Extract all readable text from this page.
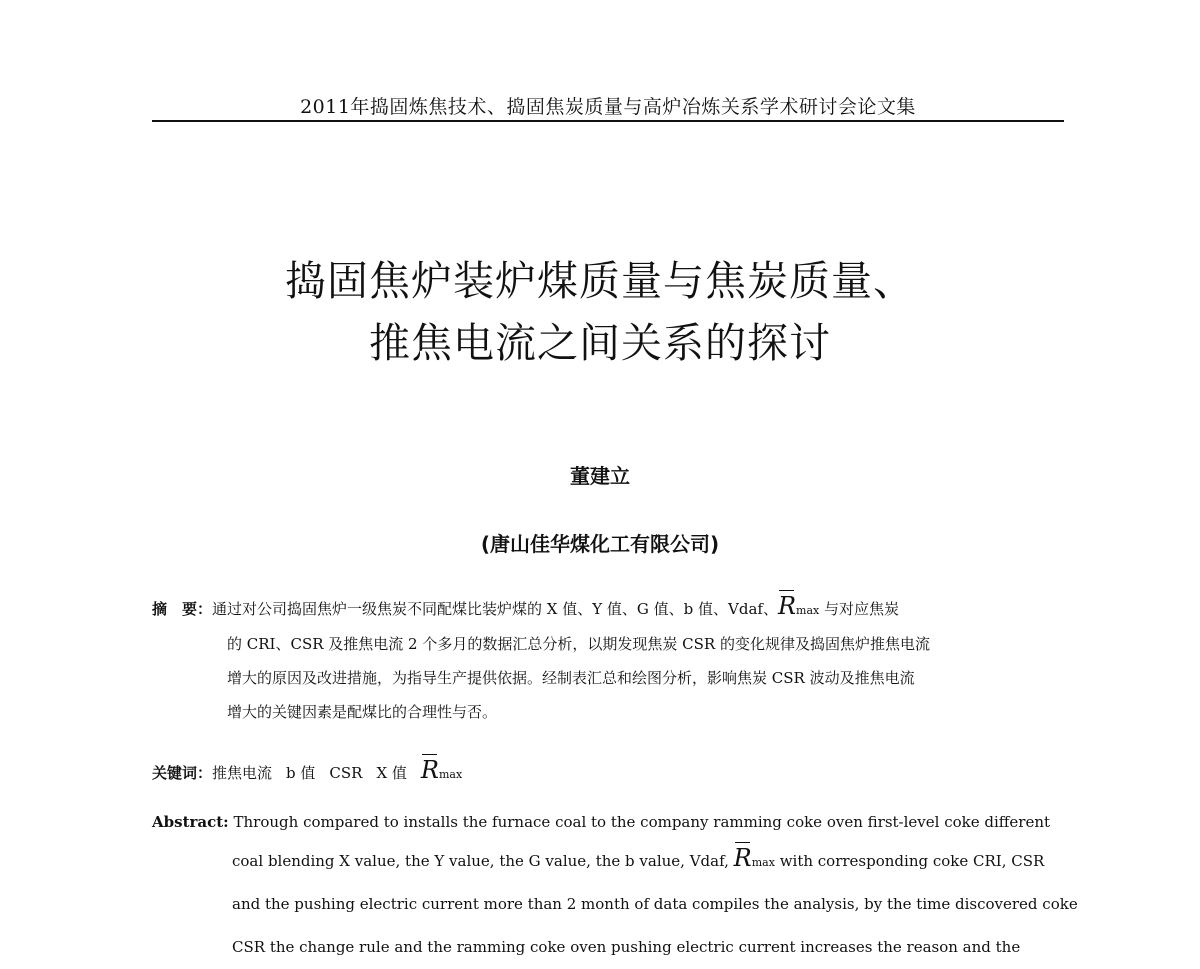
2011年捣固炼焦技术、捣固焦炭质量与高炉冶炼关系学术研讨会论文集
捣固焦炉装炉煤质量与焦炭质量、
推焦电流之间关系的探讨
董建立
(唐山佳华煤化工有限公司)
摘　要：通过对公司捣固焦炉一级焦炭不同配煤比装炉煤的 X 值、Y 值、G 值、b 值、Vdaf、Rmax 与对应焦炭
的 CRI、CSR 及推焦电流 2 个多月的数据汇总分析，以期发现焦炭 CSR 的变化规律及捣固焦炉推焦电流
增大的原因及改进措施，为指导生产提供依据。经制表汇总和绘图分析，影响焦炭 CSR 波动及推焦电流
增大的关键因素是配煤比的合理性与否。
关键词：推焦电流 b 值 CSR X 值 Rmax
Abstract: Through compared to installs the furnace coal to the company ramming coke oven first-level coke different
coal blending X value, the Y value, the G value, the b value, Vdaf, Rmax with corresponding coke CRI, CSR
and the pushing electric current more than 2 month of data compiles the analysis, by the time discovered coke
CSR the change rule and the ramming coke oven pushing electric current increases the reason and the
